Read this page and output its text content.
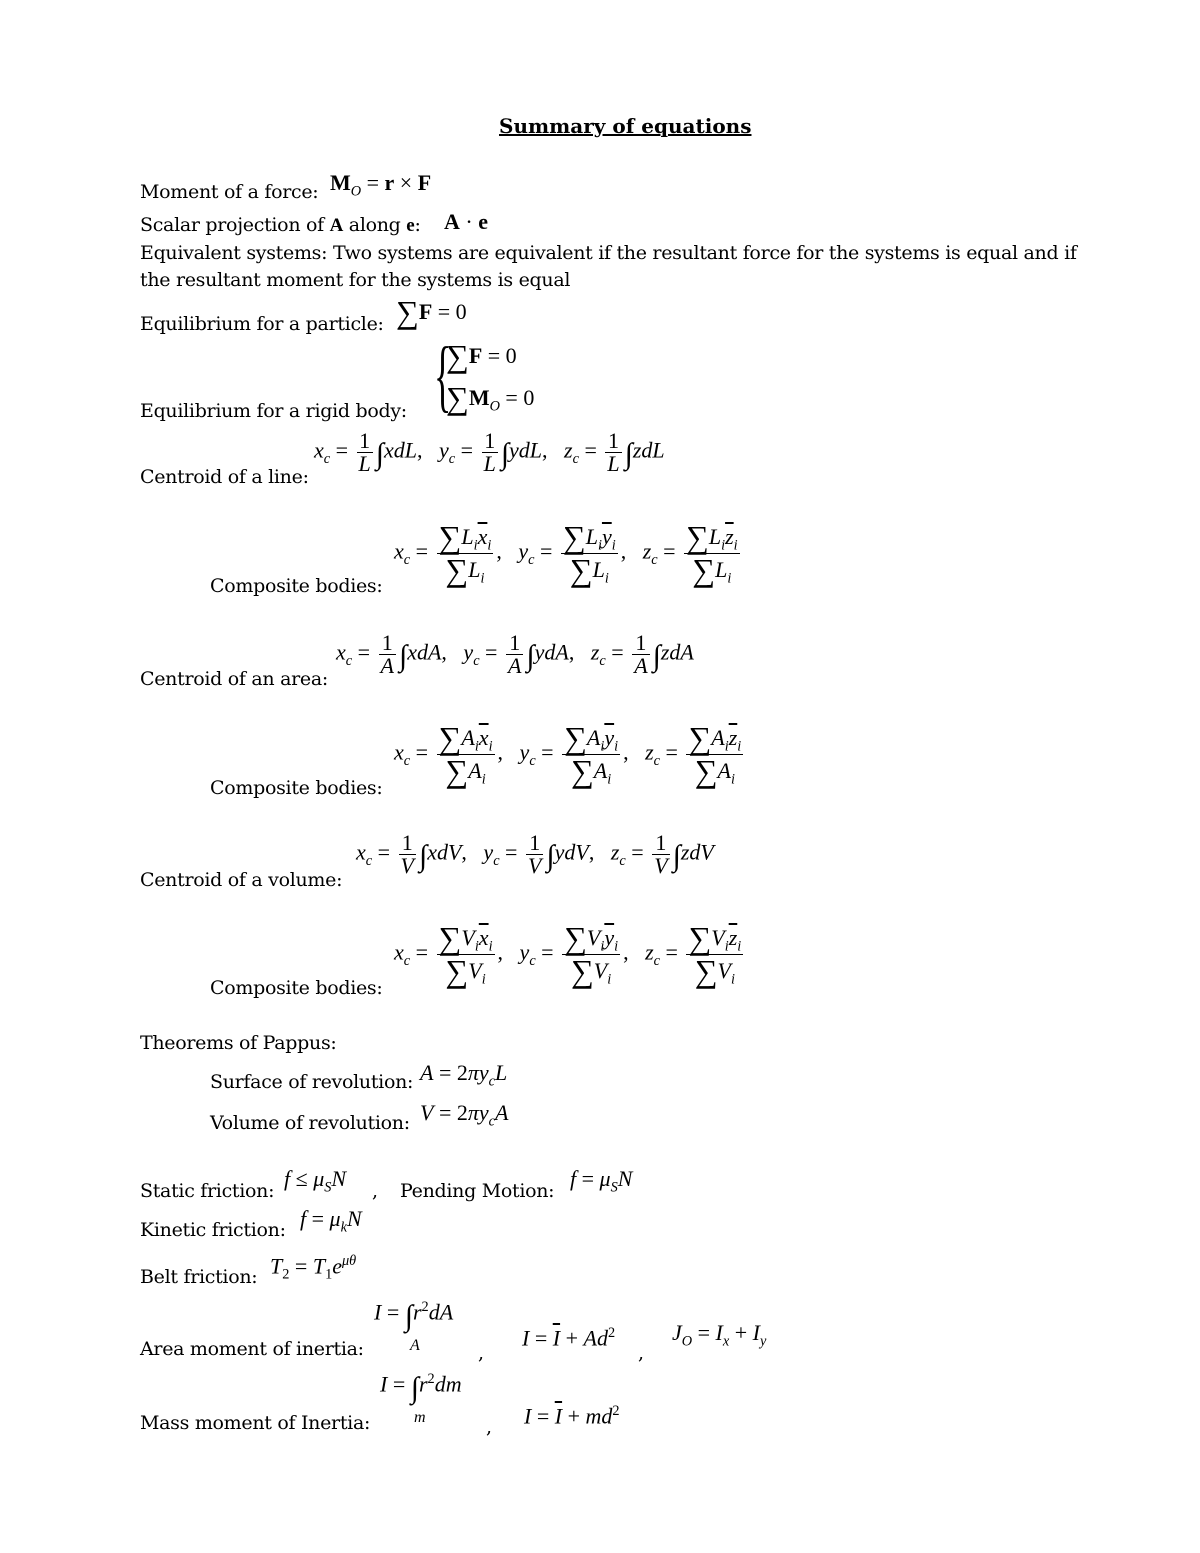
Summary of equations
Moment of a force: $M_O = r \times F$
Scalar projection of A along e: A · e
Equivalent systems: Two systems are equivalent if the resultant force for the systems is equal and if the resultant moment for the systems is equal
Equilibrium for a particle: ∑F = 0
Equilibrium for a rigid body: {
∑F = 0
$\sum M_O = 0$
Centroid of a line:
$x_c = \frac{1}{L} \int xdL$,   $y_c = \frac{1}{L} \int ydL$,   $z_c = \frac{1}{L} \int zdL$
Composite bodies:
$x_c = \frac{\sum L_i\overline{x}_i}{\sum L_i}$ ,   $y_c = \frac{\sum L_i\overline{y}_i}{\sum L_i}$ ,   $z_c = \frac{\sum L_i\overline{z}_i}{\sum L_i}$
Centroid of an area:
$x_c = \frac{1}{A} \int xdA$,   $y_c = \frac{1}{A} \int ydA$,   $z_c = \frac{1}{A} \int zdA$
Composite bodies:
$x_c = \frac{\sum A_i\overline{x}_i}{\sum A_i}$ ,   $y_c = \frac{\sum A_i\overline{y}_i}{\sum A_i}$ ,   $z_c = \frac{\sum A_i\overline{z}_i}{\sum A_i}$
Centroid of a volume:
$x_c = \frac{1}{V} \int xdV$,   $y_c = \frac{1}{V} \int ydV$,   $z_c = \frac{1}{V} \int zdV$
Composite bodies:
$x_c = \frac{\sum V_i\overline{x}_i}{\sum V_i}$ ,   $y_c = \frac{\sum V_i\overline{y}_i}{\sum V_i}$ ,   $z_c = \frac{\sum V_i\overline{z}_i}{\sum V_i}$
Theorems of Pappus:
Surface of revolution: $A = 2\pi y_cL$
Volume of revolution: $V = 2\pi y_cA$
Static friction: $f \le \mu_SN$ , Pending Motion: $f = \mu_SN$
Kinetic friction: $f = \mu_kN$
Belt friction: $T_2 = T_1e^{\mu\theta}$
Area moment of inertia:
$I = \int r^2dA$
A	,
$I = \overline{I} + Ad^2$
,
$J_O = I_x + I_y$
Mass moment of Inertia:
$I = \int r^2dm$
m	, $I = \overline{I} + md^2$
